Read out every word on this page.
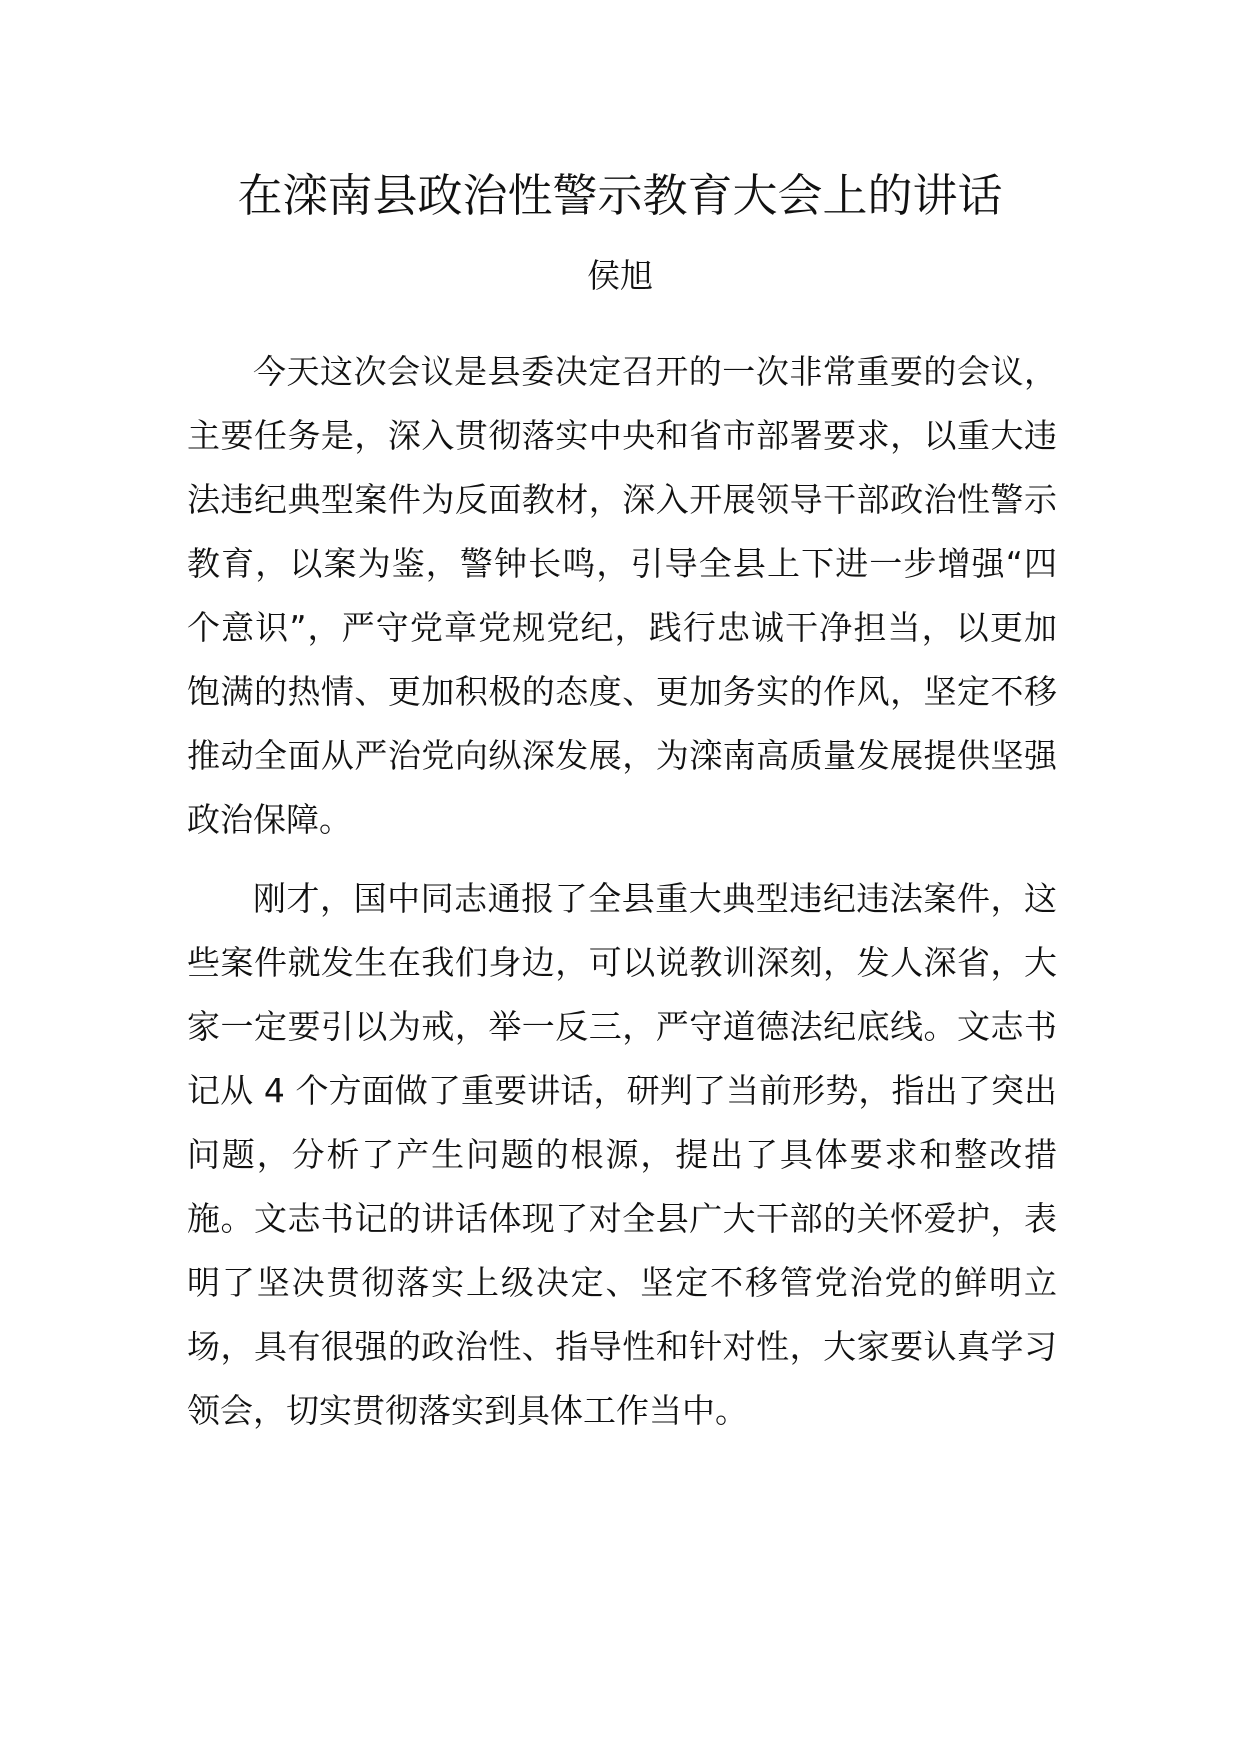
在滦南县政治性警示教育大会上的讲话

侯旭

今天这次会议是县委决定召开的一次非常重要的会议，主要任务是，深入贯彻落实中央和省市部署要求，以重大违法违纪典型案件为反面教材，深入开展领导干部政治性警示教育，以案为鉴，警钟长鸣，引导全县上下进一步增强“四个意识”，严守党章党规党纪，践行忠诚干净担当，以更加饱满的热情、更加积极的态度、更加务实的作风，坚定不移推动全面从严治党向纵深发展，为滦南高质量发展提供坚强政治保障。

刚才，国中同志通报了全县重大典型违纪违法案件，这些案件就发生在我们身边，可以说教训深刻，发人深省，大家一定要引以为戒，举一反三，严守道德法纪底线。文志书记从 4 个方面做了重要讲话，研判了当前形势，指出了突出问题，分析了产生问题的根源，提出了具体要求和整改措施。文志书记的讲话体现了对全县广大干部的关怀爱护，表明了坚决贯彻落实上级决定、坚定不移管党治党的鲜明立场，具有很强的政治性、指导性和针对性，大家要认真学习领会，切实贯彻落实到具体工作当中。
